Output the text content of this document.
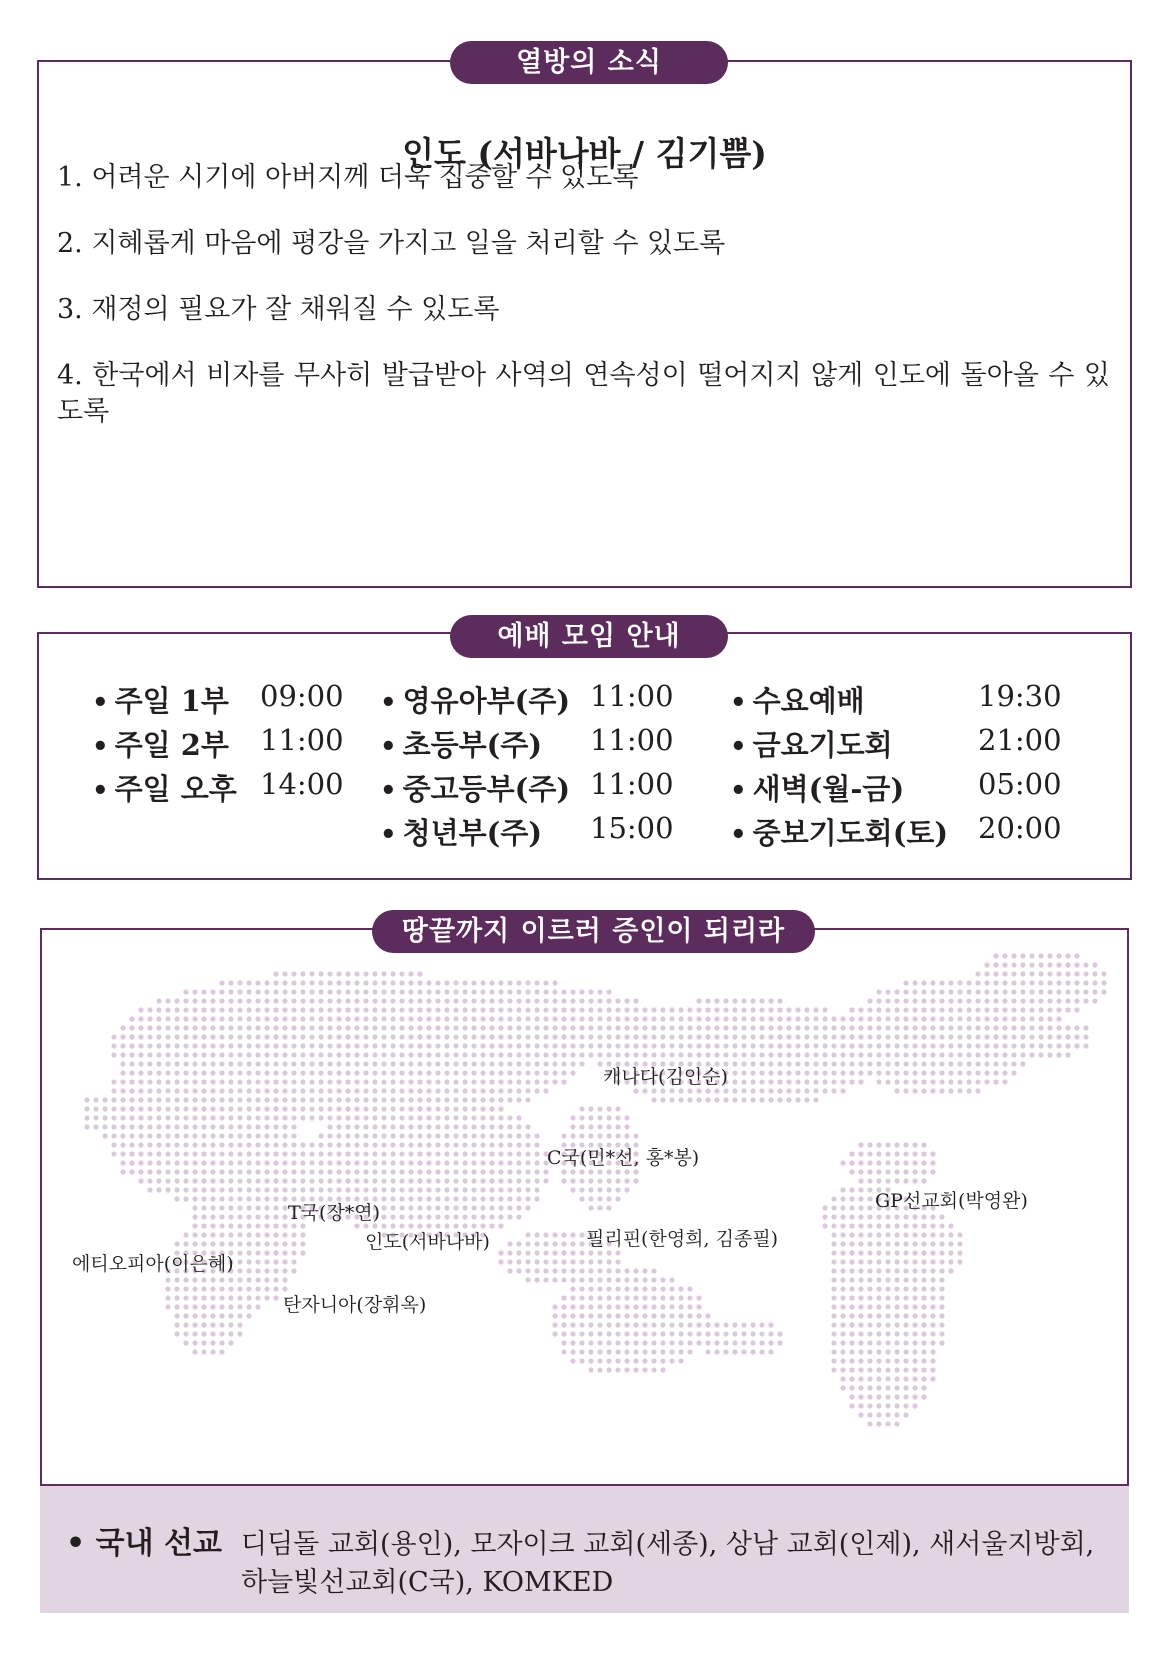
인도 (서바나바 / 김기쁨)
1. 어려운 시기에 아버지께 더욱 집중할 수 있도록
2. 지혜롭게 마음에 평강을 가지고 일을 처리할 수 있도록
3. 재정의 필요가 잘 채워질 수 있도록
4. 한국에서 비자를 무사히 발급받아 사역의 연속성이 떨어지지 않게 인도에 돌아올 수 있도록
열방의 소식
예배 모임 안내
• 주일 1부 09:00
• 주일 2부 11:00
• 주일 오후 14:00
• 영유아부(주) 11:00
• 초등부(주) 11:00
• 중고등부(주) 11:00
• 청년부(주) 15:00
• 수요예배	19:30
• 금요기도회	21:00
• 새벽(월-금)	05:00
• 중보기도회(토) 20:00
땅끝까지 이르러 증인이 되리라
캐나다(김인순)
C국(민*선, 홍*봉)
GP선교회(박영완)
T국(장*연)
인도(서바나바)	필리핀(한영희, 김종필)
에티오피아(이은혜)
탄자니아(장휘옥)
• 국내 선교 디딤돌 교회(용인), 모자이크 교회(세종), 상남 교회(인제), 새서울지방회,
하늘빛선교회(C국), KOMKED
